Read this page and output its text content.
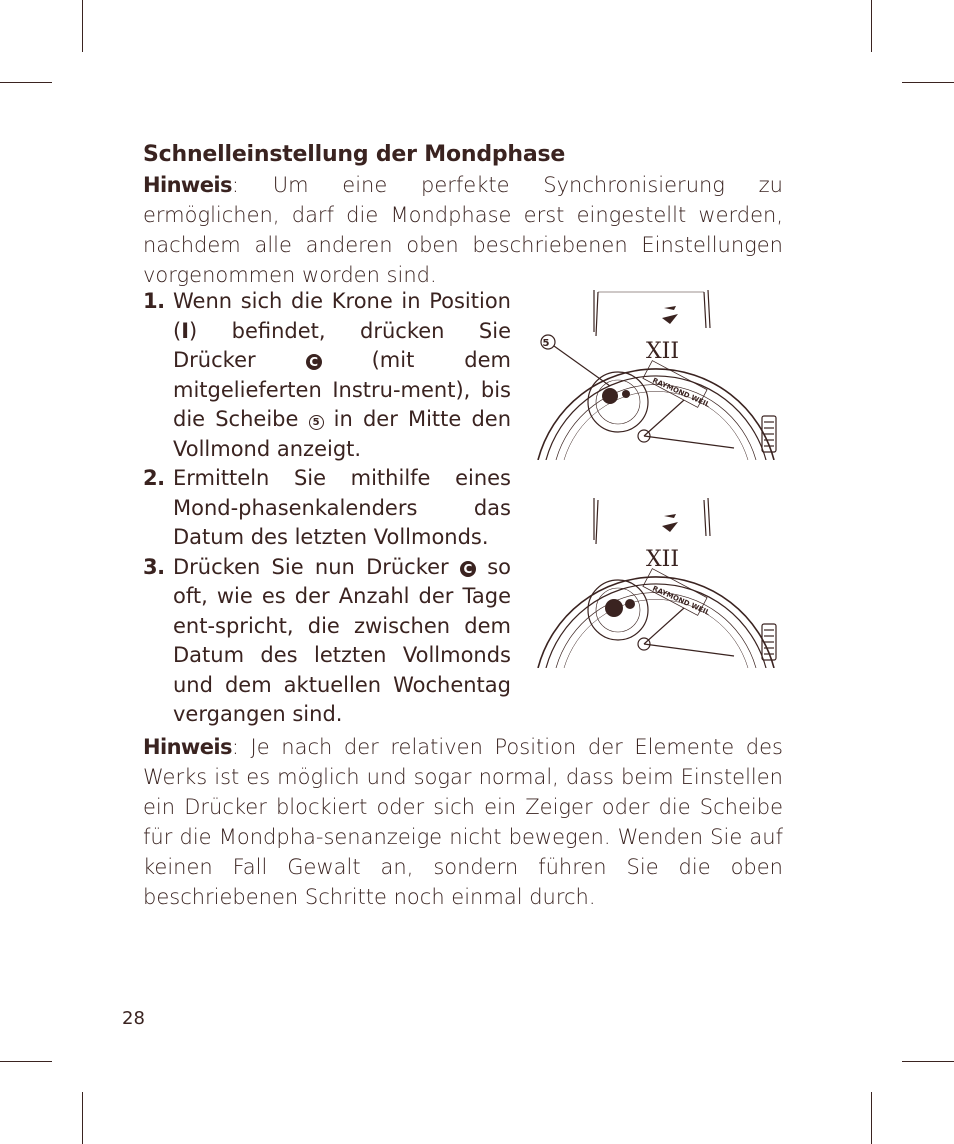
Schnelleinstellung der Mondphase

Hinweis: Um eine perfekte Synchronisierung zu ermöglichen, darf die Mondphase erst eingestellt werden, nachdem alle anderen oben beschriebenen Einstellungen vorgenommen worden sind.

1. Wenn sich die Krone in Position (I) befindet, drücken Sie Drücker C (mit dem mitgelieferten Instru-ment), bis die Scheibe 5 in der Mitte den Vollmond anzeigt.
2. Ermitteln Sie mithilfe eines Mond-phasenkalenders das Datum des letzten Vollmonds.
3. Drücken Sie nun Drücker C so oft, wie es der Anzahl der Tage ent-spricht, die zwischen dem Datum des letzten Vollmonds und dem aktuellen Wochentag vergangen sind.
5	XII
RAYMOND WEIL
XII
RAYMOND WEIL

Hinweis: Je nach der relativen Position der Elemente des Werks ist es möglich und sogar normal, dass beim Einstellen ein Drücker blockiert oder sich ein Zeiger oder die Scheibe für die Mondpha-senanzeige nicht bewegen. Wenden Sie auf keinen Fall Gewalt an, sondern führen Sie die oben beschriebenen Schritte noch einmal durch.

28
